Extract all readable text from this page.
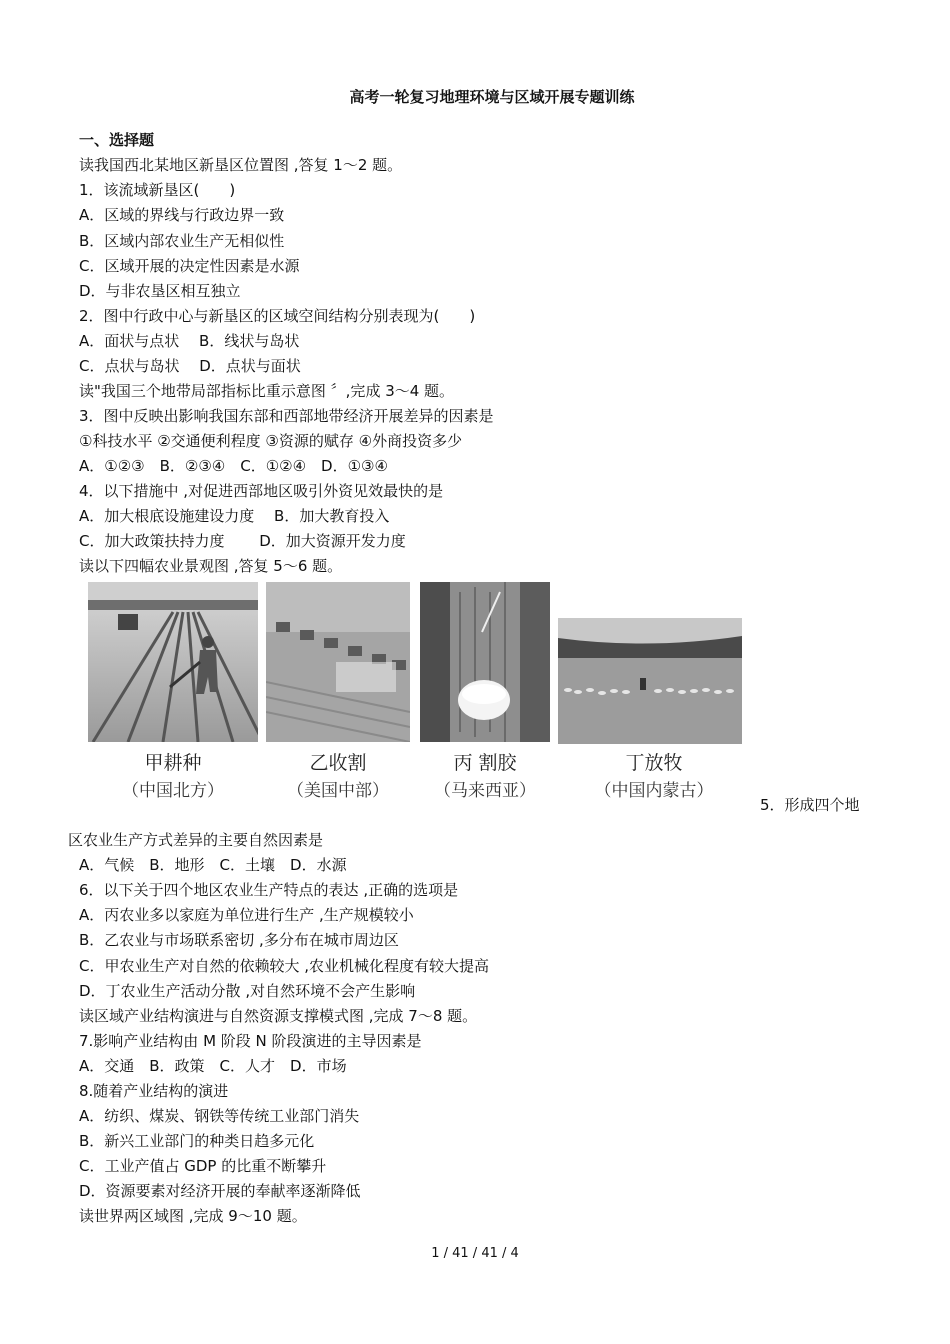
高考一轮复习地理环境与区域开展专题训练
一、选择题
读我国西北某地区新垦区位置图 ,答复 1～2 题。
1．该流域新垦区(　　)
A．区域的界线与行政边界一致
B．区域内部农业生产无相似性
C．区域开展的决定性因素是水源
D．与非农垦区相互独立
2．图中行政中心与新垦区的区域空间结构分别表现为(　　)
A．面状与点状　 B．线状与岛状
C．点状与岛状　 D．点状与面状
读"我国三个地带局部指标比重示意图 〞,完成 3～4 题。
3．图中反映出影响我国东部和西部地带经济开展差异的因素是
①科技水平 ②交通便利程度 ③资源的赋存 ④外商投资多少
A．①②③　B．②③④　C．①②④　D．①③④
4．以下措施中 ,对促进西部地区吸引外资见效最快的是
A．加大根底设施建设力度　 B．加大教育投入
C．加大政策扶持力度　　 D．加大资源开发力度
读以下四幅农业景观图 ,答复 5～6 题。
甲耕种
（中国北方）
乙收割
（美国中部）
丙 割胶
（马来西亚）
丁放牧
（中国内蒙古）
5．形成四个地
区农业生产方式差异的主要自然因素是
A．气候　B．地形　C．土壤　D．水源
6．以下关于四个地区农业生产特点的表达 ,正确的选项是
A．丙农业多以家庭为单位进行生产 ,生产规模较小
B．乙农业与市场联系密切 ,多分布在城市周边区
C．甲农业生产对自然的依赖较大 ,农业机械化程度有较大提高
D．丁农业生产活动分散 ,对自然环境不会产生影响
读区域产业结构演进与自然资源支撑模式图 ,完成 7～8 题。
7.影响产业结构由 M 阶段 N 阶段演进的主导因素是
A．交通　B．政策　C．人才　D．市场
8.随着产业结构的演进
A．纺织、煤炭、钢铁等传统工业部门消失
B．新兴工业部门的种类日趋多元化
C．工业产值占 GDP 的比重不断攀升
D．资源要素对经济开展的奉献率逐渐降低
读世界两区域图 ,完成 9～10 题。
1 / 41 / 41 / 4
